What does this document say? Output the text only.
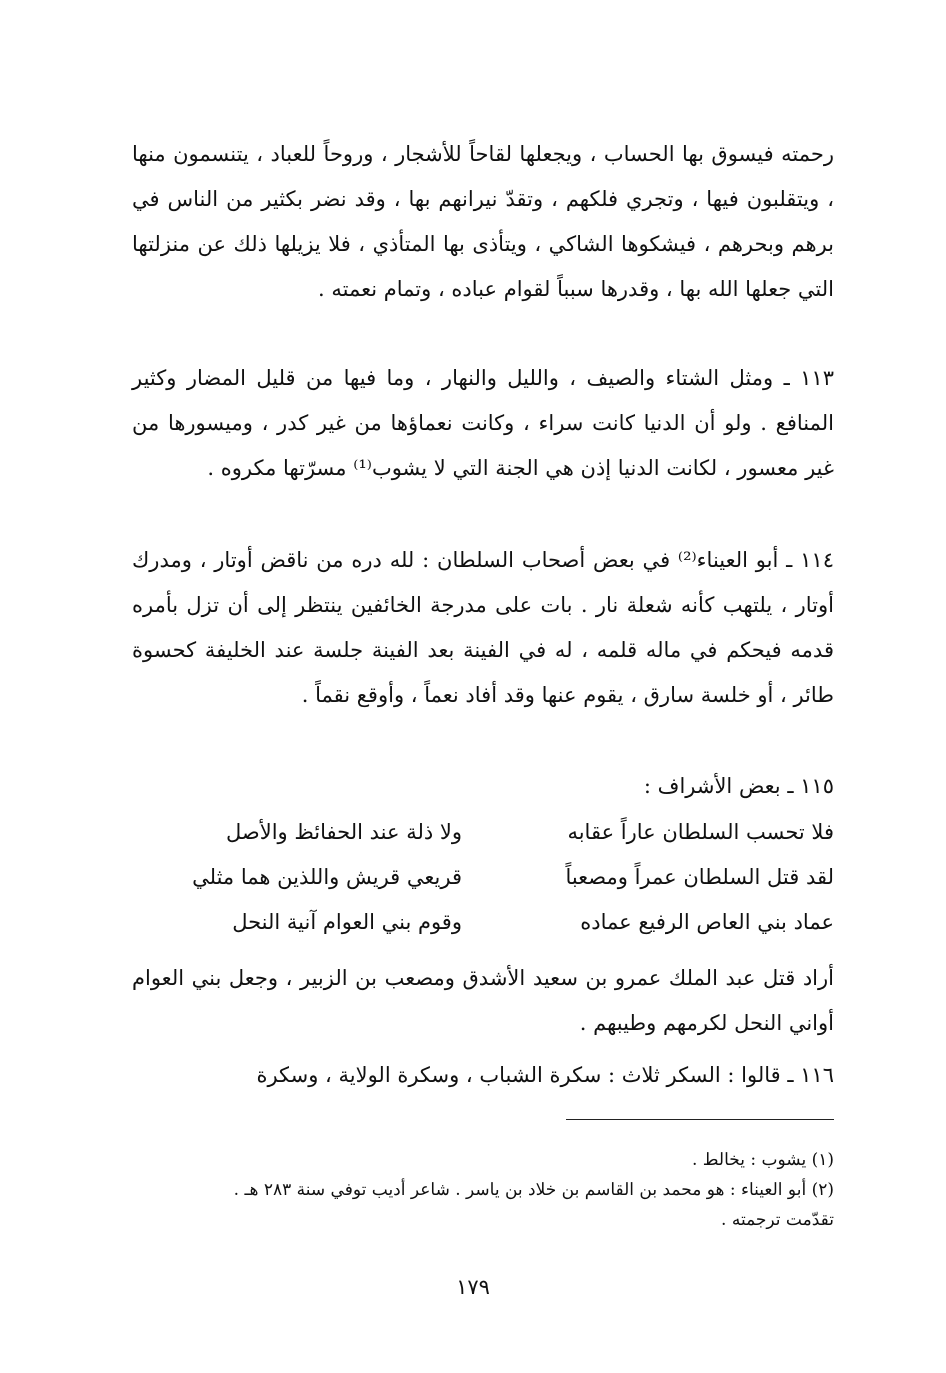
رحمته فيسوق بها الحساب ، ويجعلها لقاحاً للأشجار ، وروحاً للعباد ، يتنسمون منها ، ويتقلبون فيها ، وتجري فلكهم ، وتقدّ نيرانهم بها ، وقد نضر بكثير من الناس في برهم وبحرهم ، فيشكوها الشاكي ، ويتأذى بها المتأذي ، فلا يزيلها ذلك عن منزلتها التي جعلها الله بها ، وقدرها سبباً لقوام عباده ، وتمام نعمته .

١١٣ ـ ومثل الشتاء والصيف ، والليل والنهار ، وما فيها من قليل المضار وكثير المنافع . ولو أن الدنيا كانت سراء ، وكانت نعماؤها من غير كدر ، وميسورها من غير معسور ، لكانت الدنيا إذن هي الجنة التي لا يشوب⁽¹⁾ مسرّتها مكروه .

١١٤ ـ أبو العيناء⁽²⁾ في بعض أصحاب السلطان : لله دره من ناقض أوتار ، ومدرك أوتار ، يلتهب كأنه شعلة نار . بات على مدرجة الخائفين ينتظر إلى أن تزل بأمره قدمه فيحكم في ماله قلمه ، له في الفينة بعد الفينة جلسة عند الخليفة كحسوة طائر ، أو خلسة سارق ، يقوم عنها وقد أفاد نعماً ، وأوقع نقماً .

١١٥ ـ بعض الأشراف :

فلا تحسب السلطان عاراً عقابه
ولا ذلة عند الحفائظ والأصل
لقد قتل السلطان عمراً ومصعباً
قريعي قريش واللذين هما مثلي
عماد بني العاص الرفيع عماده
وقوم بني العوام آنية النحل

أراد قتل عبد الملك عمرو بن سعيد الأشدق ومصعب بن الزبير ، وجعل بني العوام أواني النحل لكرمهم وطيبهم .

١١٦ ـ قالوا : السكر ثلاث : سكرة الشباب ، وسكرة الولاية ، وسكرة

(١) يشوب : يخالط .

(٢) أبو العيناء : هو محمد بن القاسم بن خلاد بن ياسر . شاعر أديب توفي سنة ٢٨٣ هـ .
تقدّمت ترجمته .

١٧٩
